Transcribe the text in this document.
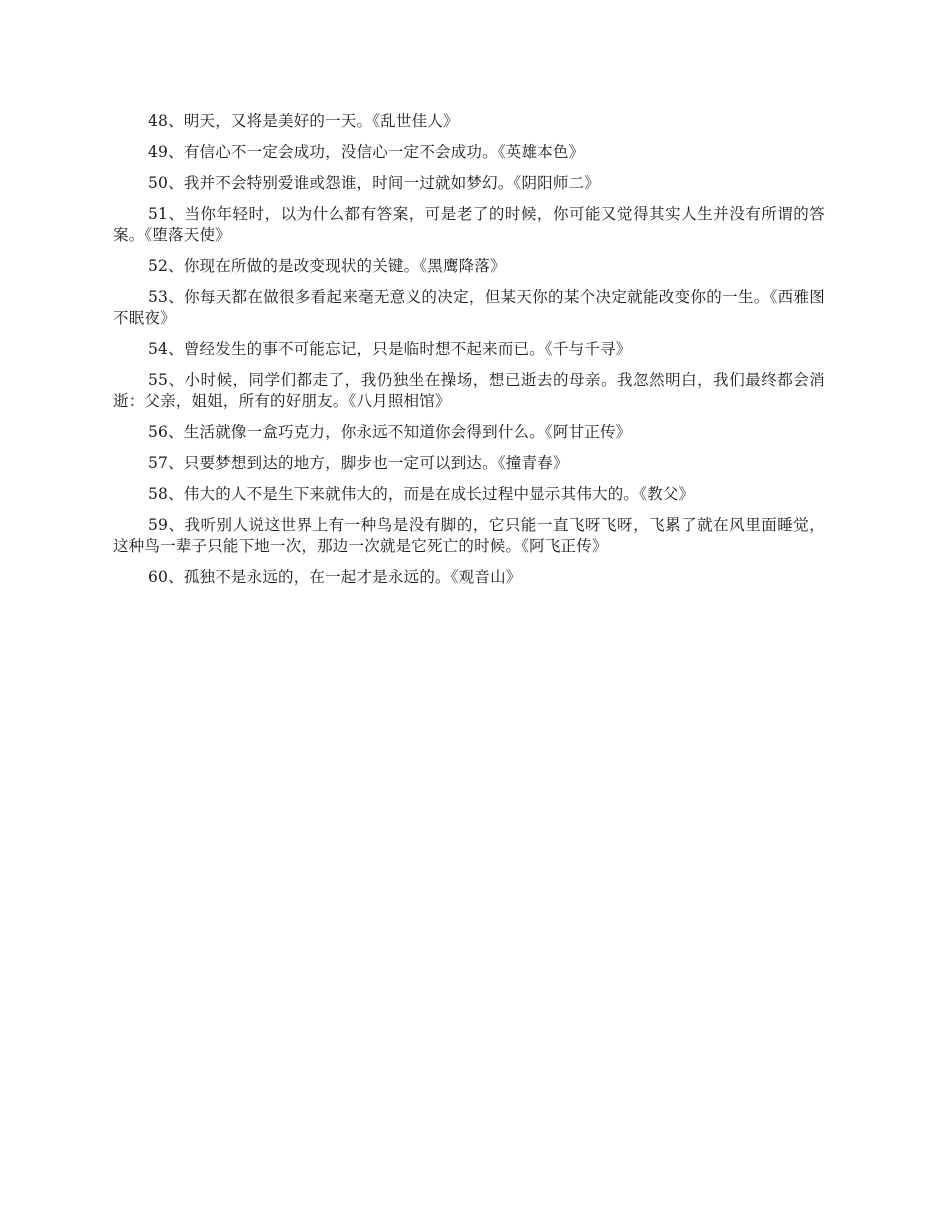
48、明天，又将是美好的一天。《乱世佳人》

49、有信心不一定会成功，没信心一定不会成功。《英雄本色》

50、我并不会特别爱谁或怨谁，时间一过就如梦幻。《阴阳师二》

51、当你年轻时，以为什么都有答案，可是老了的时候，你可能又觉得其实人生并没有所谓的答案。《堕落天使》

52、你现在所做的是改变现状的关键。《黑鹰降落》

53、你每天都在做很多看起来毫无意义的决定，但某天你的某个决定就能改变你的一生。《西雅图不眠夜》

54、曾经发生的事不可能忘记，只是临时想不起来而已。《千与千寻》

55、小时候，同学们都走了，我仍独坐在操场，想已逝去的母亲。我忽然明白，我们最终都会消逝：父亲，姐姐，所有的好朋友。《八月照相馆》

56、生活就像一盒巧克力，你永远不知道你会得到什么。《阿甘正传》

57、只要梦想到达的地方，脚步也一定可以到达。《撞青春》

58、伟大的人不是生下来就伟大的，而是在成长过程中显示其伟大的。《教父》

59、我听别人说这世界上有一种鸟是没有脚的，它只能一直飞呀飞呀，飞累了就在风里面睡觉，这种鸟一辈子只能下地一次，那边一次就是它死亡的时候。《阿飞正传》

60、孤独不是永远的，在一起才是永远的。《观音山》
